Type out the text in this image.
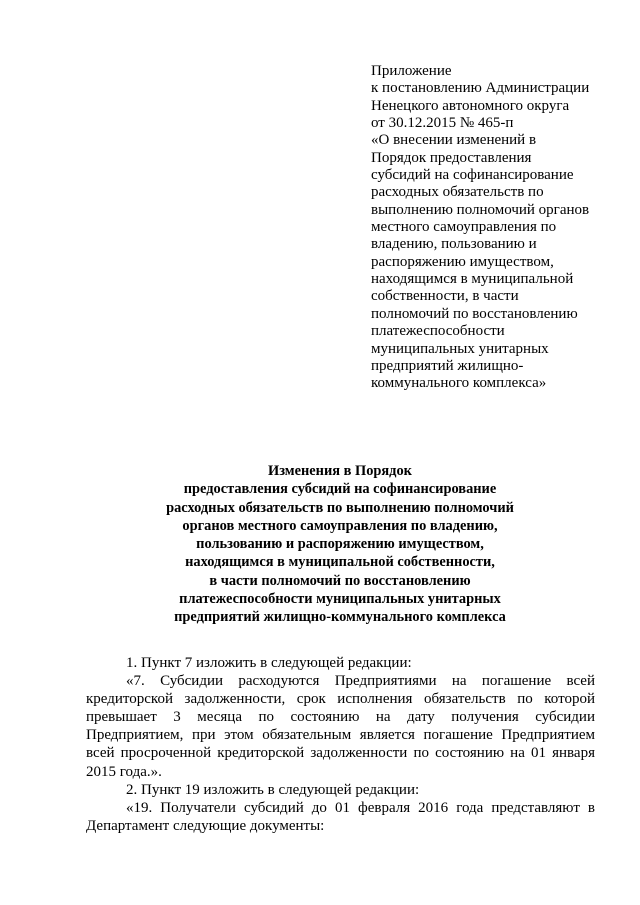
Приложение
к постановлению Администрации
Ненецкого автономного округа
от 30.12.2015 № 465-п
«О внесении изменений в
Порядок предоставления
субсидий на софинансирование
расходных обязательств по
выполнению полномочий органов
местного самоуправления по
владению, пользованию и
распоряжению имуществом,
находящимся в муниципальной
собственности, в части
полномочий по восстановлению
платежеспособности
муниципальных унитарных
предприятий жилищно-
коммунального комплекса»
Изменения в Порядок
предоставления субсидий на софинансирование
расходных обязательств по выполнению полномочий
органов местного самоуправления по владению,
пользованию и распоряжению имуществом,
находящимся в муниципальной собственности,
в части полномочий по восстановлению
платежеспособности муниципальных унитарных
предприятий жилищно-коммунального комплекса

1. Пункт 7 изложить в следующей редакции:

«7. Субсидии расходуются Предприятиями на погашение всей
кредиторской задолженности, срок исполнения обязательств по которой
превышает 3 месяца по состоянию на дату получения субсидии
Предприятием, при этом обязательным является погашение Предприятием
всей просроченной кредиторской задолженности по состоянию на 01 января
2015 года.».

2. Пункт 19 изложить в следующей редакции:

«19. Получатели субсидий до 01 февраля 2016 года представляют в
Департамент следующие документы:
